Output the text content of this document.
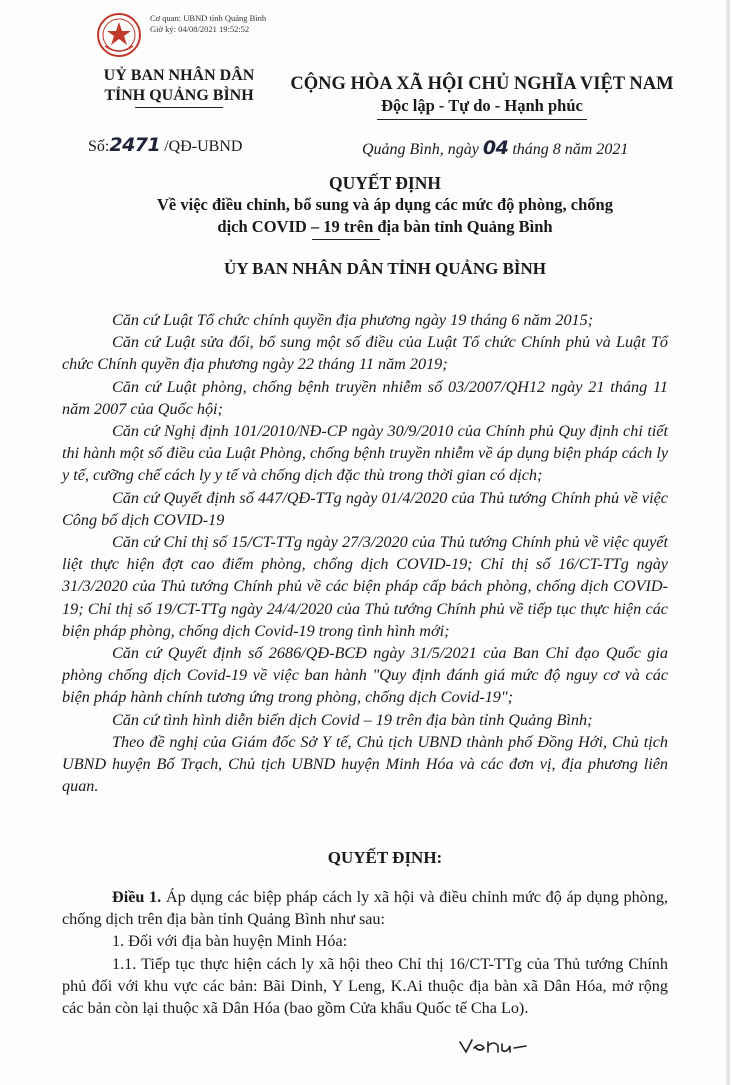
Cơ quan: UBND tỉnh Quảng Bình
Giờ ký: 04/08/2021 19:52:52
UỶ BAN NHÂN DÂN
TỈNH QUẢNG BÌNH
CỘNG HÒA XÃ HỘI CHỦ NGHĨA VIỆT NAM
Độc lập - Tự do - Hạnh phúc
Số:2471 /QĐ-UBND	Quảng Bình, ngày 04 tháng 8 năm 2021
QUYẾT ĐỊNH
Về việc điều chỉnh, bổ sung và áp dụng các mức độ phòng, chống
dịch COVID – 19 trên địa bàn tỉnh Quảng Bình
ỦY BAN NHÂN DÂN TỈNH QUẢNG BÌNH

Căn cứ Luật Tổ chức chính quyền địa phương ngày 19 tháng 6 năm 2015;

Căn cứ Luật sửa đổi, bổ sung một số điều của Luật Tổ chức Chính phủ và Luật Tổ chức Chính quyền địa phương ngày 22 tháng 11 năm 2019;

Căn cứ Luật phòng, chống bệnh truyền nhiễm số 03/2007/QH12 ngày 21 tháng 11 năm 2007 của Quốc hội;

Căn cứ Nghị định 101/2010/NĐ-CP ngày 30/9/2010 của Chính phủ Quy định chi tiết thi hành một số điều của Luật Phòng, chống bệnh truyền nhiễm về áp dụng biện pháp cách ly y tế, cưỡng chế cách ly y tế và chống dịch đặc thù trong thời gian có dịch;

Căn cứ Quyết định số 447/QĐ-TTg ngày 01/4/2020 của Thủ tướng Chính phủ về việc Công bố dịch COVID-19

Căn cứ Chỉ thị số 15/CT-TTg ngày 27/3/2020 của Thủ tướng Chính phủ về việc quyết liệt thực hiện đợt cao điểm phòng, chống dịch COVID-19; Chỉ thị số 16/CT-TTg ngày 31/3/2020 của Thủ tướng Chính phủ về các biện pháp cấp bách phòng, chống dịch COVID-19; Chỉ thị số 19/CT-TTg ngày 24/4/2020 của Thủ tướng Chính phủ về tiếp tục thực hiện các biện pháp phòng, chống dịch Covid-19 trong tình hình mới;

Căn cứ Quyết định số 2686/QĐ-BCĐ ngày 31/5/2021 của Ban Chỉ đạo Quốc gia phòng chống dịch Covid-19 về việc ban hành "Quy định đánh giá mức độ nguy cơ và các biện pháp hành chính tương ứng trong phòng, chống dịch Covid-19";

Căn cứ tình hình diễn biến dịch Covid – 19 trên địa bàn tỉnh Quảng Bình;

Theo đề nghị của Giám đốc Sở Y tế, Chủ tịch UBND thành phố Đồng Hới, Chủ tịch UBND huyện Bố Trạch, Chủ tịch UBND huyện Minh Hóa và các đơn vị, địa phương liên quan.

QUYẾT ĐỊNH:

Điều 1. Áp dụng các biệp pháp cách ly xã hội và điều chỉnh mức độ áp dụng phòng, chống dịch trên địa bàn tỉnh Quảng Bình như sau:

1. Đối với địa bàn huyện Minh Hóa:

1.1. Tiếp tục thực hiện cách ly xã hội theo Chỉ thị 16/CT-TTg của Thủ tướng Chính phủ đối với khu vực các bản: Bãi Dinh, Y Leng, K.Ai thuộc địa bàn xã Dân Hóa, mở rộng các bản còn lại thuộc xã Dân Hóa (bao gồm Cửa khẩu Quốc tế Cha Lo).
